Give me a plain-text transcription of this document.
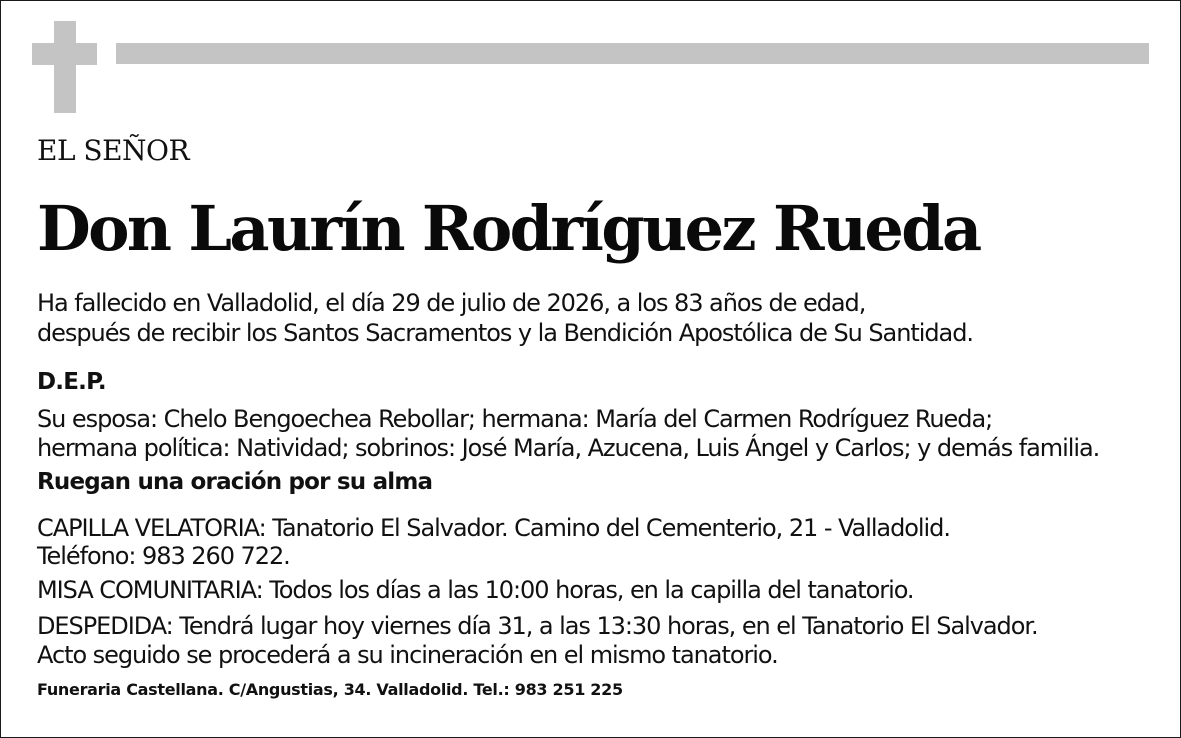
EL SEÑOR

Don Laurín Rodríguez Rueda

Ha fallecido en Valladolid, el día 29 de julio de 2026, a los 83 años de edad,

después de recibir los Santos Sacramentos y la Bendición Apostólica de Su Santidad.

D.E.P.

Su esposa: Chelo Bengoechea Rebollar; hermana: María del Carmen Rodríguez Rueda;

hermana política: Natividad; sobrinos: José María, Azucena, Luis Ángel y Carlos; y demás familia.

Ruegan una oración por su alma

CAPILLA VELATORIA: Tanatorio El Salvador. Camino del Cementerio, 21 - Valladolid.

Teléfono: 983 260 722.

MISA COMUNITARIA: Todos los días a las 10:00 horas, en la capilla del tanatorio.

DESPEDIDA: Tendrá lugar hoy viernes día 31, a las 13:30 horas, en el Tanatorio El Salvador.

Acto seguido se procederá a su incineración en el mismo tanatorio.

Funeraria Castellana. C/Angustias, 34. Valladolid. Tel.: 983 251 225
